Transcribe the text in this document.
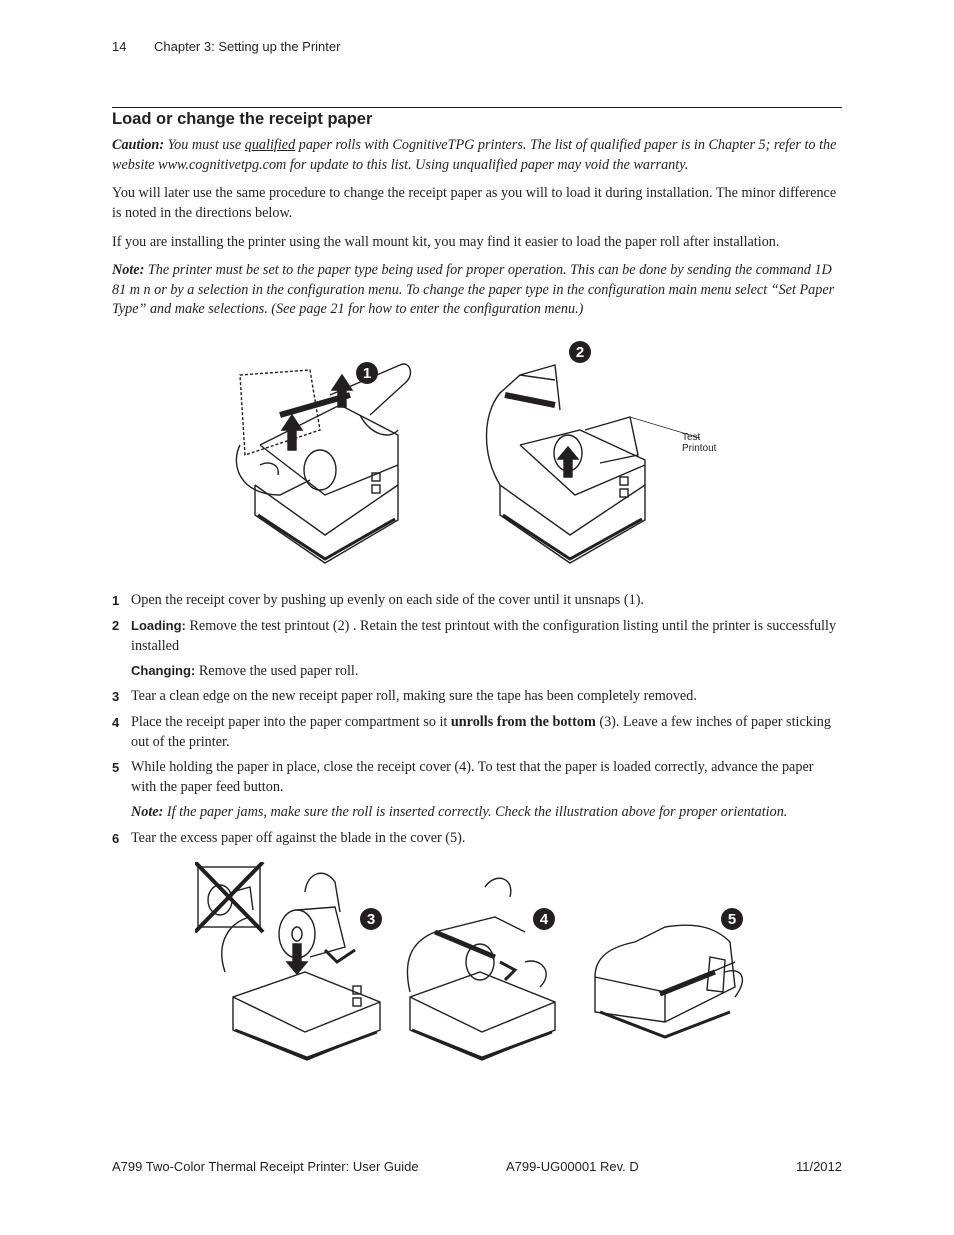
14 Chapter 3: Setting up the Printer
Load or change the receipt paper

Caution: You must use qualified paper rolls with CognitiveTPG printers. The list of qualified paper is in Chapter 5; refer to the website www.cognitivetpg.com for update to this list. Using unqualified paper may void the warranty.

You will later use the same procedure to change the receipt paper as you will to load it during installation. The minor difference is noted in the directions below.

If you are installing the printer using the wall mount kit, you may find it easier to load the paper roll after installation.

Note: The printer must be set to the paper type being used for proper operation. This can be done by sending the command 1D 81 m n or by a selection in the configuration menu. To change the paper type in the configuration main menu select “Set Paper Type” and make selections. (See page 21 for how to enter the configuration menu.)

1
2
Test
Printout
1 Open the receipt cover by pushing up evenly on each side of the cover until it unsnaps (1).
2 Loading: Remove the test printout (2) . Retain the test printout with the configuration listing until the printer is successfully installed
Changing: Remove the used paper roll.
3 Tear a clean edge on the new receipt paper roll, making sure the tape has been completely removed.
4 Place the receipt paper into the paper compartment so it unrolls from the bottom (3). Leave a few inches of paper sticking out of the printer.
5 While holding the paper in place, close the receipt cover (4). To test that the paper is loaded correctly, advance the paper with the paper feed button.
Note: If the paper jams, make sure the roll is inserted correctly. Check the illustration above for proper orientation.
6 Tear the excess paper off against the blade in the cover (5).
3	4	5
A799 Two-Color Thermal Receipt Printer: User Guide	A799-UG00001 Rev. D	11/2012
